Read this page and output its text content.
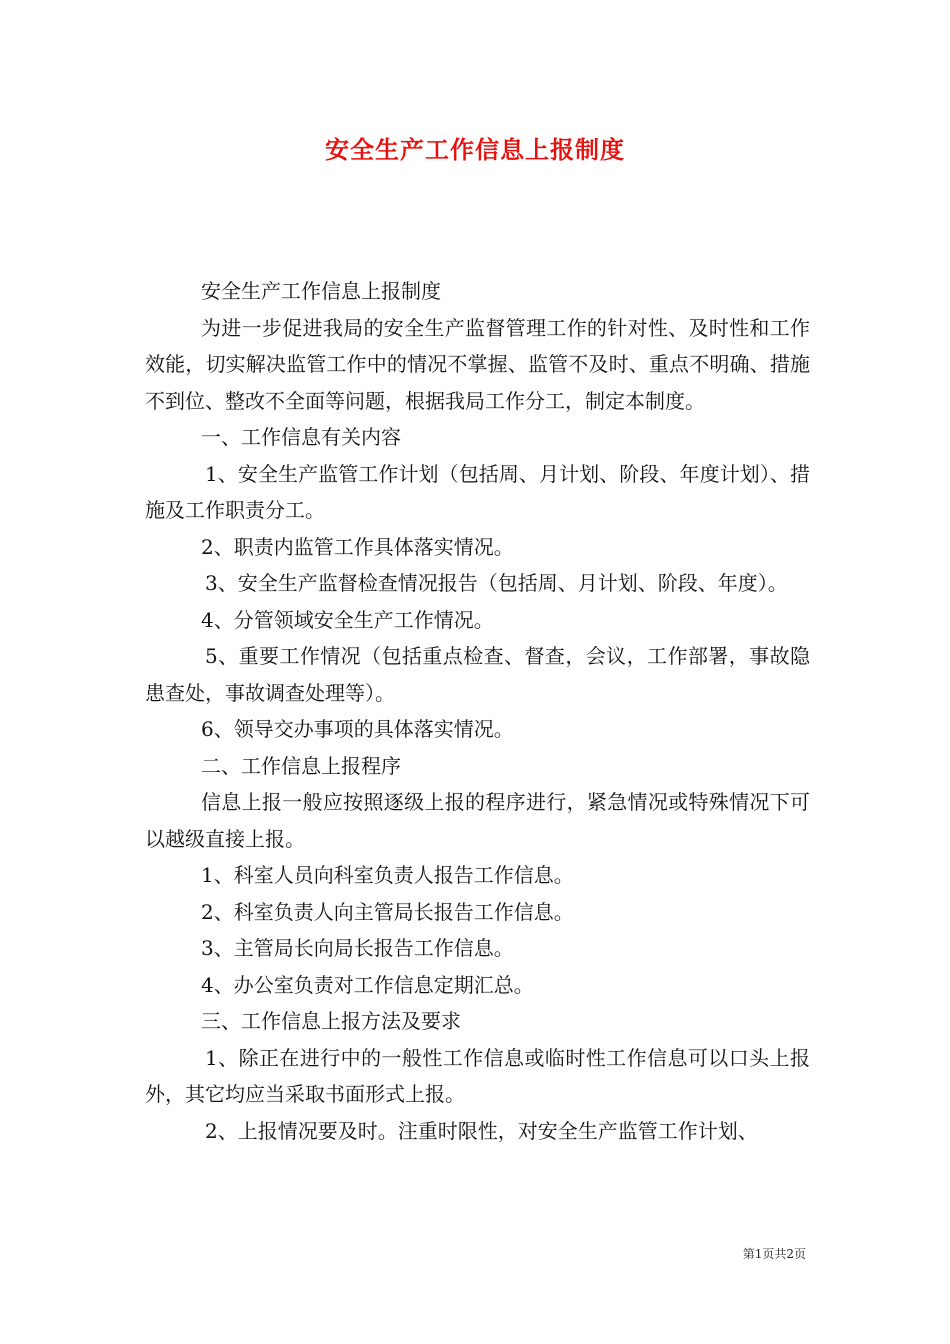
安全生产工作信息上报制度

安全生产工作信息上报制度

为进一步促进我局的安全生产监督管理工作的针对性、及时性和工作效能，切实解决监管工作中的情况不掌握、监管不及时、重点不明确、措施不到位、整改不全面等问题，根据我局工作分工，制定本制度。

一、工作信息有关内容

1、安全生产监管工作计划（包括周、月计划、阶段、年度计划）、措施及工作职责分工。

2、职责内监管工作具体落实情况。

3、安全生产监督检查情况报告（包括周、月计划、阶段、年度）。

4、分管领域安全生产工作情况。

5、重要工作情况（包括重点检查、督查，会议，工作部署，事故隐患查处，事故调查处理等）。

6、领导交办事项的具体落实情况。

二、工作信息上报程序

信息上报一般应按照逐级上报的程序进行，紧急情况或特殊情况下可以越级直接上报。

1、科室人员向科室负责人报告工作信息。

2、科室负责人向主管局长报告工作信息。

3、主管局长向局长报告工作信息。

4、办公室负责对工作信息定期汇总。

三、工作信息上报方法及要求

1、除正在进行中的一般性工作信息或临时性工作信息可以口头上报外，其它均应当采取书面形式上报。

2、上报情况要及时。注重时限性，对安全生产监管工作计划、

第1页共2页
